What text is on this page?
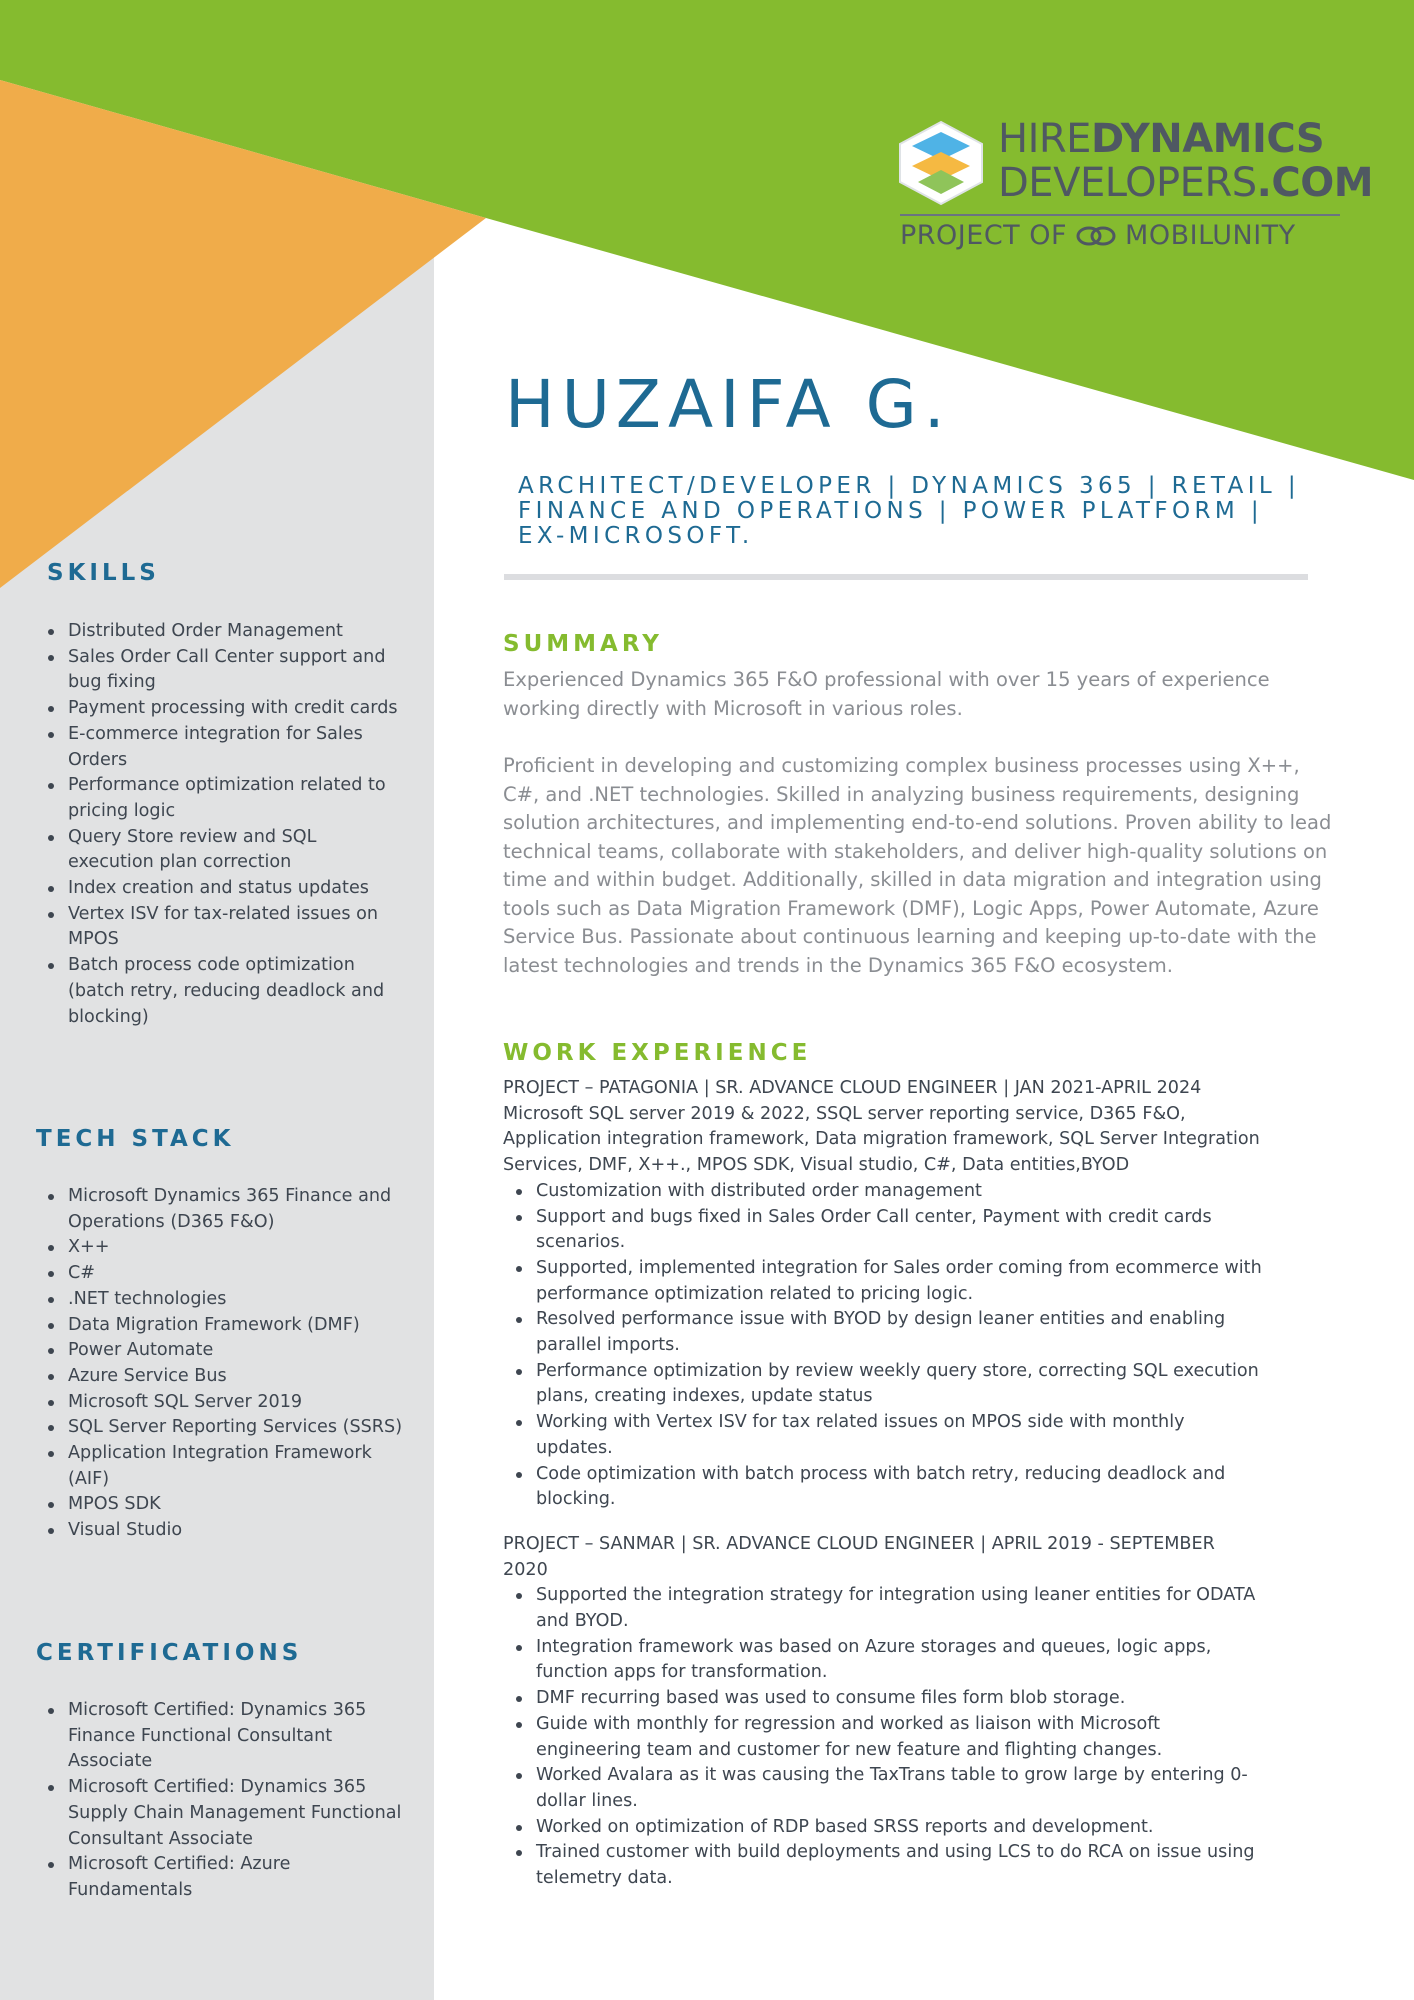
HIREDYNAMICS
DEVELOPERS.COM
PROJECT OF MOBILUNITY
HUZAIFA G.
ARCHITECT/DEVELOPER | DYNAMICS 365 | RETAIL | FINANCE AND OPERATIONS | POWER PLATFORM | EX-MICROSOFT.
SUMMARY

Experienced Dynamics 365 F&O professional with over 15 years of experience working directly with Microsoft in various roles.

Proficient in developing and customizing complex business processes using X++, C#, and .NET technologies. Skilled in analyzing business requirements, designing solution architectures, and implementing end-to-end solutions. Proven ability to lead technical teams, collaborate with stakeholders, and deliver high-quality solutions on time and within budget. Additionally, skilled in data migration and integration using tools such as Data Migration Framework (DMF), Logic Apps, Power Automate, Azure Service Bus. Passionate about continuous learning and keeping up-to-date with the latest technologies and trends in the Dynamics 365 F&O ecosystem.

WORK EXPERIENCE

PROJECT – PATAGONIA | SR. ADVANCE CLOUD ENGINEER | JAN 2021-APRIL 2024

Microsoft SQL server 2019 & 2022, SSQL server reporting service, D365 F&O, Application integration framework, Data migration framework, SQL Server Integration Services, DMF, X++., MPOS SDK, Visual studio, C#, Data entities,BYOD

Customization with distributed order management
Support and bugs fixed in Sales Order Call center, Payment with credit cards scenarios.
Supported, implemented integration for Sales order coming from ecommerce with performance optimization related to pricing logic.
Resolved performance issue with BYOD by design leaner entities and enabling parallel imports.
Performance optimization by review weekly query store, correcting SQL execution plans, creating indexes, update status
Working with Vertex ISV for tax related issues on MPOS side with monthly updates.
Code optimization with batch process with batch retry, reducing deadlock and blocking.

PROJECT – SANMAR | SR. ADVANCE CLOUD ENGINEER | APRIL 2019 - SEPTEMBER 2020

Supported the integration strategy for integration using leaner entities for ODATA and BYOD.
Integration framework was based on Azure storages and queues, logic apps, function apps for transformation.
DMF recurring based was used to consume files form blob storage.
Guide with monthly for regression and worked as liaison with Microsoft engineering team and customer for new feature and flighting changes.
Worked Avalara as it was causing the TaxTrans table to grow large by entering 0-dollar lines.
Worked on optimization of RDP based SRSS reports and development.
Trained customer with build deployments and using LCS to do RCA on issue using telemetry data.
SKILLS
Distributed Order Management
Sales Order Call Center support and bug fixing
Payment processing with credit cards
E-commerce integration for Sales Orders
Performance optimization related to pricing logic
Query Store review and SQL execution plan correction
Index creation and status updates
Vertex ISV for tax-related issues on MPOS
Batch process code optimization (batch retry, reducing deadlock and blocking)
TECH STACK
Microsoft Dynamics 365 Finance and Operations (D365 F&O)
X++
C#
.NET technologies
Data Migration Framework (DMF)
Power Automate
Azure Service Bus
Microsoft SQL Server 2019
SQL Server Reporting Services (SSRS)
Application Integration Framework (AIF)
MPOS SDK
Visual Studio
CERTIFICATIONS
Microsoft Certified: Dynamics 365 Finance Functional Consultant Associate
Microsoft Certified: Dynamics 365 Supply Chain Management Functional Consultant Associate
Microsoft Certified: Azure Fundamentals
